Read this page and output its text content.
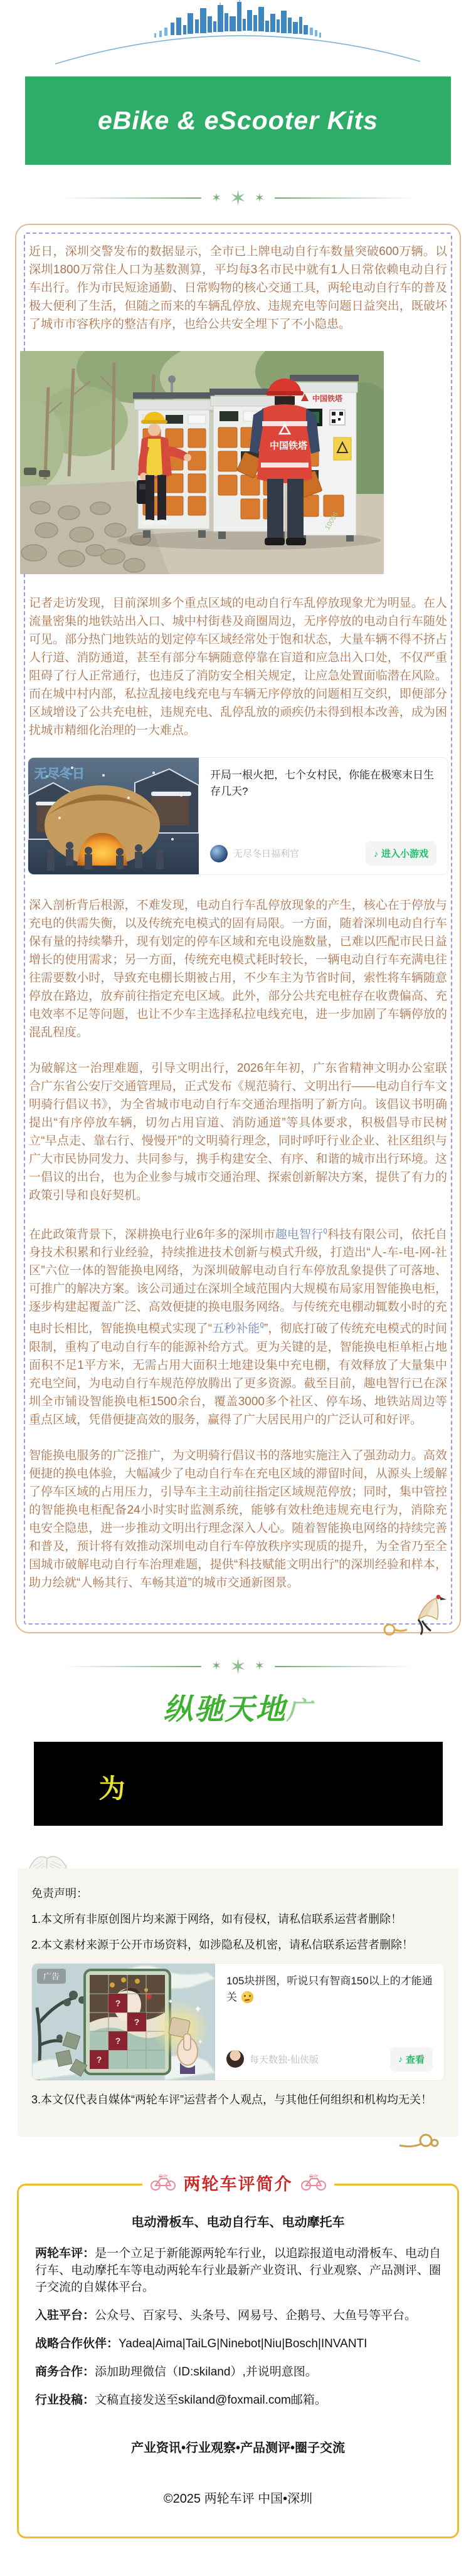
eBike & eScooter Kits
✶ ✶ ✶

近日，深圳交警发布的数据显示，全市已上牌电动自行车数量突破600万辆。以深圳1800万常住人口为基数测算，平均每3名市民中就有1人日常依赖电动自行车出行。作为市民短途通勤、日常购物的核心交通工具，两轮电动自行车的普及极大便利了生活，但随之而来的车辆乱停放、违规充电等问题日益突出，既破坏了城市市容秩序的整洁有序，也给公共安全埋下了不小隐患。

中国铁塔
10096
中国铁塔

记者走访发现，目前深圳多个重点区域的电动自行车乱停放现象尤为明显。在人流量密集的地铁站出入口、城中村街巷及商圈周边，无序停放的电动自行车随处可见。部分热门地铁站的划定停车区域经常处于饱和状态，大量车辆不得不挤占人行道、消防通道，甚至有部分车辆随意停靠在盲道和应急出入口处，不仅严重阻碍了行人正常通行，也违反了消防安全相关规定，让应急处置面临潜在风险。而在城中村内部，私拉乱接电线充电与车辆无序停放的问题相互交织，即便部分区域增设了公共充电桩，违规充电、乱停乱放的顽疾仍未得到根本改善，成为困扰城市精细化治理的一大难点。

无尽冬日	开局一根火把，七个女村民，你能在极寒末日生存几天?
无尽冬日福利官	♪ 进入小游戏

深入剖析背后根源，不难发现，电动自行车乱停放现象的产生，核心在于停放与充电的供需失衡，以及传统充电模式的固有局限。一方面，随着深圳电动自行车保有量的持续攀升，现有划定的停车区域和充电设施数量，已难以匹配市民日益增长的使用需求；另一方面，传统充电模式耗时较长，一辆电动自行车充满电往往需要数小时，导致充电棚长期被占用，不少车主为节省时间，索性将车辆随意停放在路边，放弃前往指定充电区域。此外，部分公共充电桩存在收费偏高、充电效率不足等问题，也让不少车主选择私拉电线充电，进一步加剧了车辆停放的混乱程度。

为破解这一治理难题，引导文明出行，2026年年初，广东省精神文明办公室联合广东省公安厅交通管理局，正式发布《规范骑行、文明出行——电动自行车文明骑行倡议书》，为全省城市电动自行车交通治理指明了新方向。该倡议书明确提出“有序停放车辆，切勿占用盲道、消防通道”等具体要求，积极倡导市民树立“早点走、靠右行、慢慢开”的文明骑行理念，同时呼吁行业企业、社区组织与广大市民协同发力、共同参与，携手构建安全、有序、和谐的城市出行环境。这一倡议的出台，也为企业参与城市交通治理、探索创新解决方案，提供了有力的政策引导和良好契机。

在此政策背景下，深耕换电行业6年多的深圳市趣电智行$^Q$科技有限公司，依托自身技术积累和行业经验，持续推进技术创新与模式升级，打造出“人-车-电-网-社区”六位一体的智能换电网络，为深圳破解电动自行车停放乱象提供了可落地、可推广的解决方案。该公司通过在深圳全域范围内大规模布局家用智能换电柜，逐步构建起覆盖广泛、高效便捷的换电服务网络。与传统充电棚动辄数小时的充电时长相比，智能换电模式实现了“五秒补能$^Q$”，彻底打破了传统充电模式的时间限制，重构了电动自行车的能源补给方式。更为关键的是，智能换电柜单柜占地面积不足1平方米，无需占用大面积土地建设集中充电棚，有效释放了大量集中充电空间，为电动自行车规范停放腾出了更多资源。截至目前，趣电智行已在深圳全市铺设智能换电柜1500余台，覆盖3000多个社区、停车场、地铁站周边等重点区域，凭借便捷高效的服务，赢得了广大居民用户的广泛认可和好评。

智能换电服务的广泛推广，为文明骑行倡议书的落地实施注入了强劲动力。高效便捷的换电体验，大幅减少了电动自行车在充电区域的滞留时间，从源头上缓解了停车区域的占用压力，引导车主主动前往指定区域规范停放；同时，集中管控的智能换电柜配备24小时实时监测系统，能够有效杜绝违规充电行为，消除充电安全隐患，进一步推动文明出行理念深入人心。随着智能换电网络的持续完善和普及，预计将有效推动深圳电动自行车停放秩序实现质的提升，为全省乃至全国城市破解电动自行车治理难题，提供“科技赋能文明出行”的深圳经验和样本，助力绘就“人畅其行、车畅其道”的城市交通新图景。

✶ ✶ ✶
纵驰天地广
为

免责声明：

1.本文所有非原创图片均来源于网络，如有侵权，请私信联系运营者删除！

2.本文素材来源于公开市场资料，如涉隐私及机密，请私信联系运营者删除！

?
?
?
?
✦
✦
✦
广告	105块拼图，听说只有智商150以上的才能通关
每天数独-仙侠版	♪ 查看

3.本文仅代表自媒体“两轮车评”运营者个人观点，与其他任何组织和机构均无关！

Ride 两轮车评简介	Ride

电动滑板车、电动自行车、电动摩托车

两轮车评：是一个立足于新能源两轮车行业，以追踪报道电动滑板车、电动自行车、电动摩托车等电动两轮车行业最新产业资讯、行业观察、产品测评、圈子交流的自媒体平台。

入驻平台：公众号、百家号、头条号、网易号、企鹅号、大鱼号等平台。

战略合作伙伴：Yadea|Aima|TaiLG|Ninebot|Niu|Bosch|INVANTI

商务合作：添加助理微信（ID:skiland）,并说明意图。

行业投稿：文稿直接发送至skiland@foxmail.com邮箱。

产业资讯•行业观察•产品测评•圈子交流

©2025 两轮车评 中国•深圳
